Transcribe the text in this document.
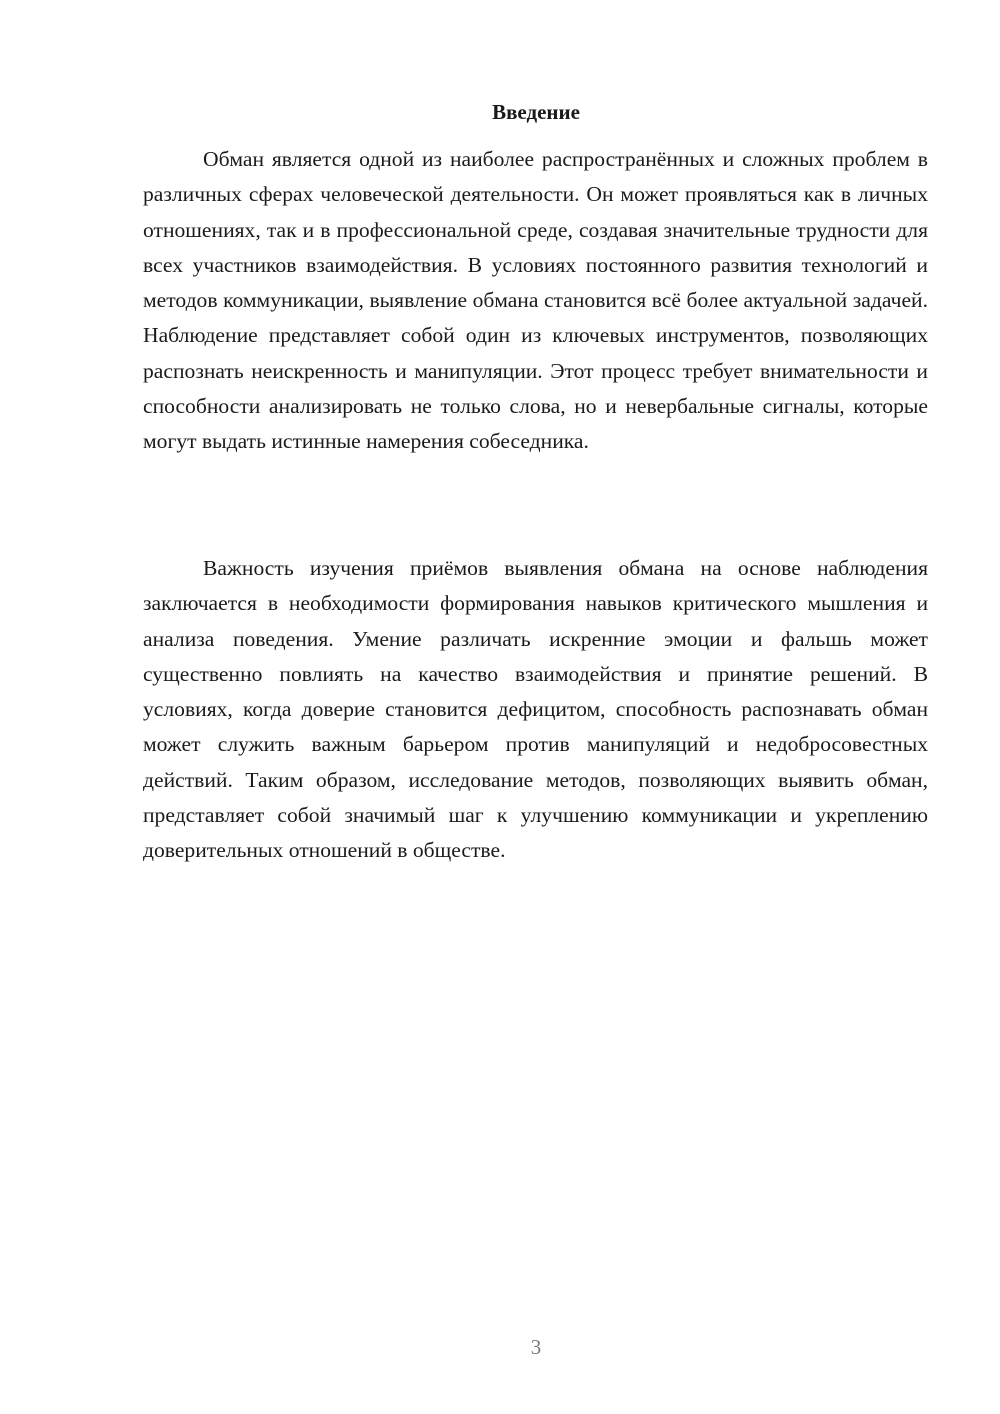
Введение

Обман является одной из наиболее распространённых и сложных проблем в различных сферах человеческой деятельности. Он может проявляться как в личных отношениях, так и в профессиональной среде, создавая значительные трудности для всех участников взаимодействия. В условиях постоянного развития технологий и методов коммуникации, выявление обмана становится всё более актуальной задачей. Наблюдение представляет собой один из ключевых инструментов, позволяющих распознать неискренность и манипуляции. Этот процесс требует внимательности и способности анализировать не только слова, но и невербальные сигналы, которые могут выдать истинные намерения собеседника.

Важность изучения приёмов выявления обмана на основе наблюдения заключается в необходимости формирования навыков критического мышления и анализа поведения. Умение различать искренние эмоции и фальшь может существенно повлиять на качество взаимодействия и принятие решений. В условиях, когда доверие становится дефицитом, способность распознавать обман может служить важным барьером против манипуляций и недобросовестных действий. Таким образом, исследование методов, позволяющих выявить обман, представляет собой значимый шаг к улучшению коммуникации и укреплению доверительных отношений в обществе.

3
